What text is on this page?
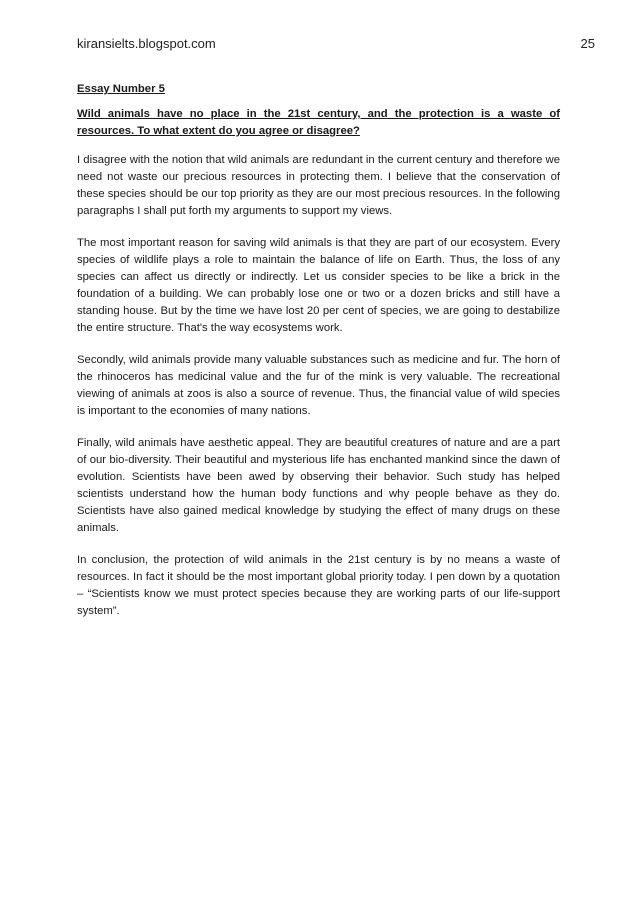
kiransielts.blogspot.com	25

Essay Number 5

Wild animals have no place in the 21st century, and the protection is a waste of resources. To what extent do you agree or disagree?

I disagree with the notion that wild animals are redundant in the current century and therefore we need not waste our precious resources in protecting them. I believe that the conservation of these species should be our top priority as they are our most precious resources. In the following paragraphs I shall put forth my arguments to support my views.

The most important reason for saving wild animals is that they are part of our ecosystem. Every species of wildlife plays a role to maintain the balance of life on Earth. Thus, the loss of any species can affect us directly or indirectly. Let us consider species to be like a brick in the foundation of a building. We can probably lose one or two or a dozen bricks and still have a standing house. But by the time we have lost 20 per cent of species, we are going to destabilize the entire structure. That's the way ecosystems work.

Secondly, wild animals provide many valuable substances such as medicine and fur. The horn of the rhinoceros has medicinal value and the fur of the mink is very valuable. The recreational viewing of animals at zoos is also a source of revenue. Thus, the financial value of wild species is important to the economies of many nations.

Finally, wild animals have aesthetic appeal. They are beautiful creatures of nature and are a part of our bio-diversity. Their beautiful and mysterious life has enchanted mankind since the dawn of evolution. Scientists have been awed by observing their behavior. Such study has helped scientists understand how the human body functions and why people behave as they do. Scientists have also gained medical knowledge by studying the effect of many drugs on these animals.

In conclusion, the protection of wild animals in the 21st century is by no means a waste of resources. In fact it should be the most important global priority today. I pen down by a quotation – “Scientists know we must protect species because they are working parts of our life-support system”.
